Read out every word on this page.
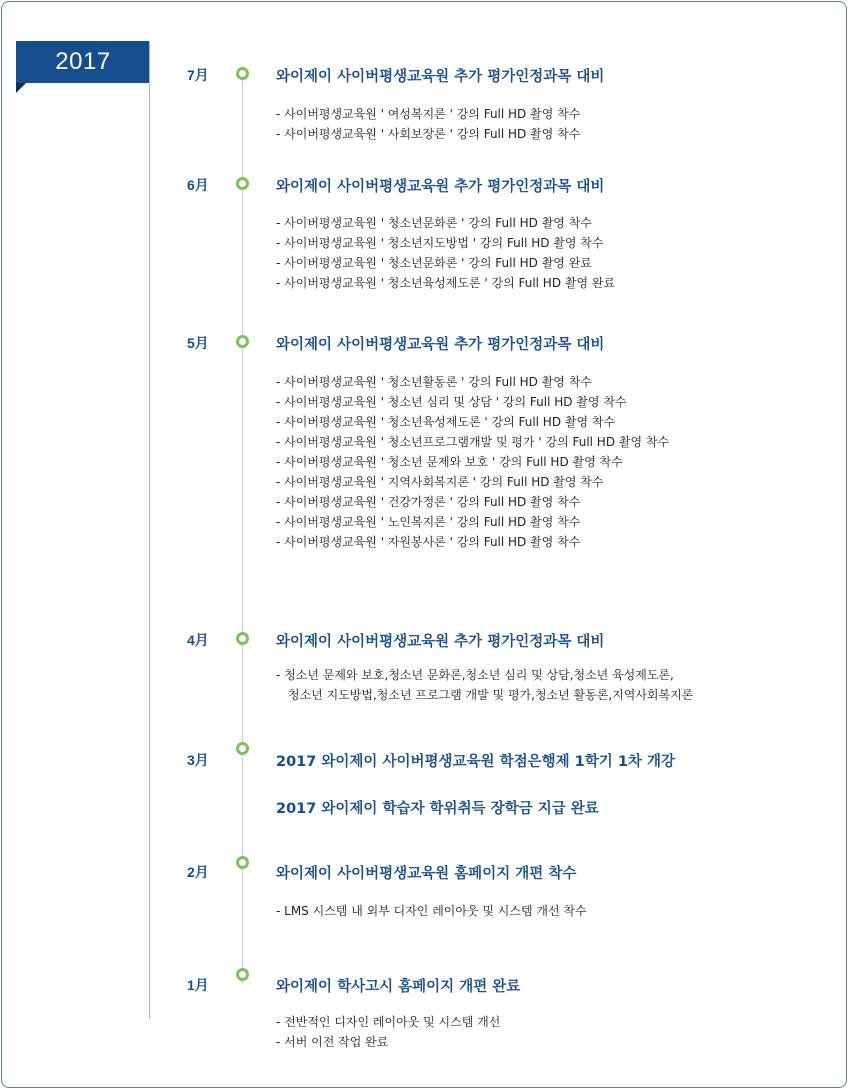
2017	7月	와이제이 사이버평생교육원 추가 평가인정과목 대비
- 사이버평생교육원 ' 여성복지론 ' 강의 Full HD 촬영 착수
- 사이버평생교육원 ' 사회보장론 ' 강의 Full HD 촬영 착수
6月	와이제이 사이버평생교육원 추가 평가인정과목 대비
- 사이버평생교육원 ' 청소년문화론 ' 강의 Full HD 촬영 착수
- 사이버평생교육원 ' 청소년지도방법 ' 강의 Full HD 촬영 착수
- 사이버평생교육원 ' 청소년문화론 ' 강의 Full HD 촬영 완료
- 사이버평생교육원 ' 청소년육성제도론 ' 강의 Full HD 촬영 완료
5月	와이제이 사이버평생교육원 추가 평가인정과목 대비
- 사이버평생교육원 ' 청소년활동론 ' 강의 Full HD 촬영 착수
- 사이버평생교육원 ' 청소년 심리 및 상담 ' 강의 Full HD 촬영 착수
- 사이버평생교육원 ' 청소년육성제도론 ' 강의 Full HD 촬영 착수
- 사이버평생교육원 ' 청소년프로그램개발 및 평가 ' 강의 Full HD 촬영 착수
- 사이버평생교육원 ' 청소년 문제와 보호 ' 강의 Full HD 촬영 착수
- 사이버평생교육원 ' 지역사회복지론 ' 강의 Full HD 촬영 착수
- 사이버평생교육원 ' 건강가정론 ' 강의 Full HD 촬영 착수
- 사이버평생교육원 ' 노인복지론 ' 강의 Full HD 촬영 착수
- 사이버평생교육원 ' 자원봉사론 ' 강의 Full HD 촬영 착수
4月	와이제이 사이버평생교육원 추가 평가인정과목 대비
- 청소년 문제와 보호,청소년 문화론,청소년 심리 및 상담,청소년 육성제도론,
청소년 지도방법,청소년 프로그램 개발 및 평가,청소년 활동론,지역사회복지론
3月	2017 와이제이 사이버평생교육원 학점은행제 1학기 1차 개강
2017 와이제이 학습자 학위취득 장학금 지급 완료
2月	와이제이 사이버평생교육원 홈페이지 개편 착수
- LMS 시스템 내 외부 디자인 레이아웃 및 시스템 개선 착수
1月	와이제이 학사고시 홈페이지 개편 완료
- 전반적인 디자인 레이아웃 및 시스템 개선
- 서버 이전 작업 완료
